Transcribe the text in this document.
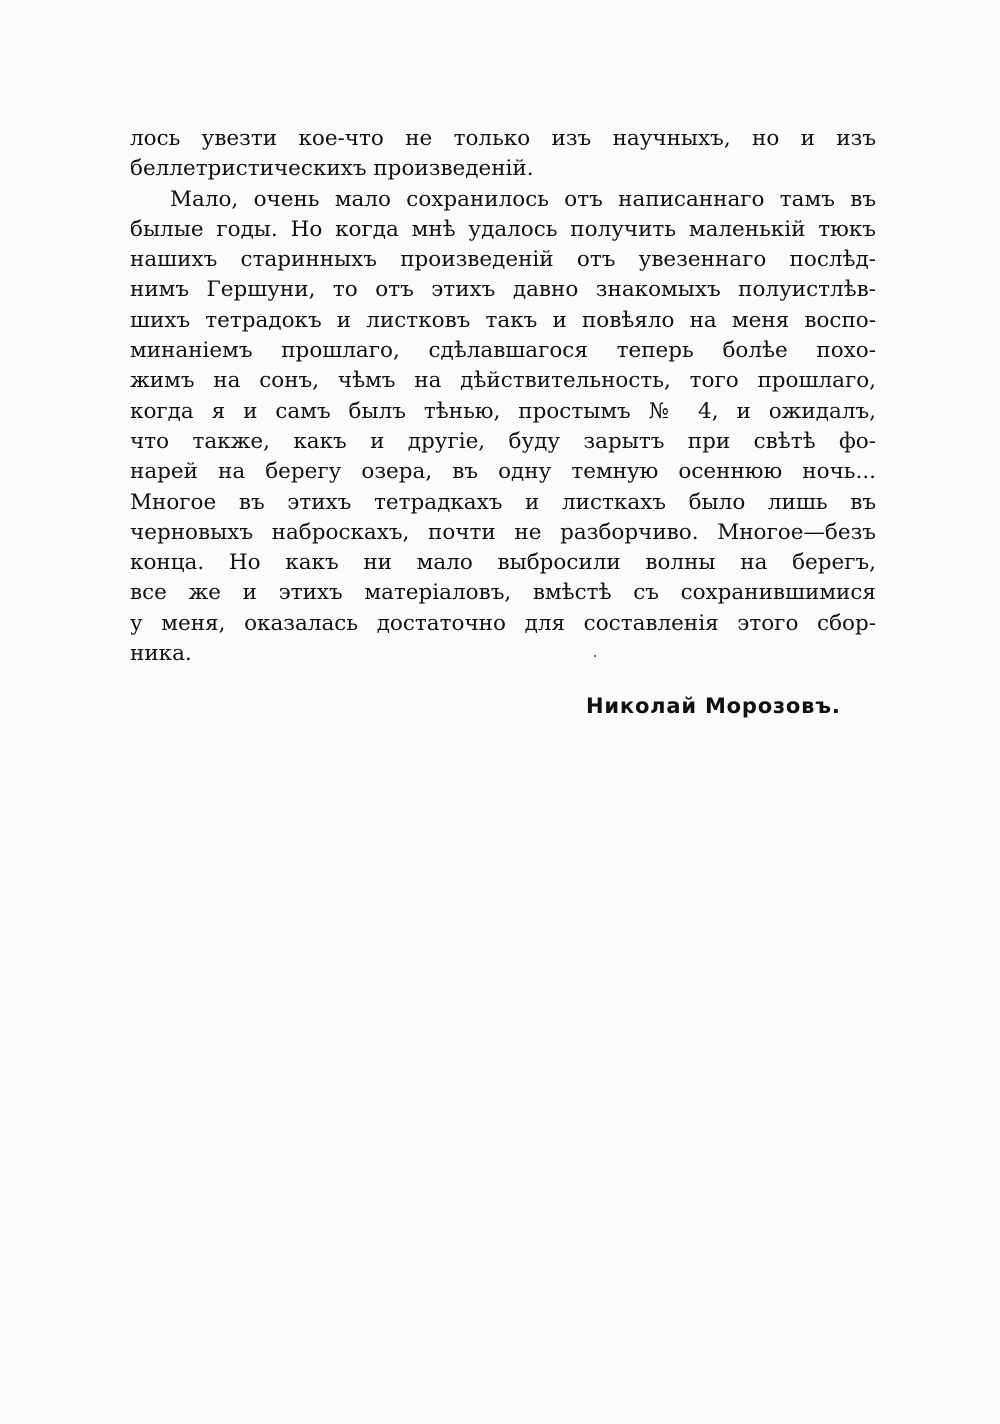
лось увезти кое-что не только изъ научныхъ, но и изъ
беллетристическихъ произведеній.
Мало, очень мало сохранилось отъ написаннаго тамъ въ
былые годы. Но когда мнѣ удалось получить маленькій тюкъ
нашихъ старинныхъ произведеній отъ увезеннаго послѣд-
нимъ Гершуни, то отъ этихъ давно знакомыхъ полуистлѣв-
шихъ тетрадокъ и листковъ такъ и повѣяло на меня воспо-
минаніемъ прошлаго, сдѣлавшагося теперь болѣе похо-
жимъ на сонъ, чѣмъ на дѣйствительность, того прошлаго,
когда я и самъ былъ тѣнью, простымъ № 4, и ожидалъ,
что также, какъ и другіе, буду зарытъ при свѣтѣ фо-
нарей на берегу озера, въ одну темную осеннюю ночь...
Многое въ этихъ тетрадкахъ и листкахъ было лишь въ
черновыхъ наброскахъ, почти не разборчиво. Многое—безъ
конца. Но какъ ни мало выбросили волны на берегъ,
все же и этихъ матеріаловъ, вмѣстѣ съ сохранившимися
у меня, оказалась достаточно для составленія этого сбор-
ника.
Николай Морозовъ.
